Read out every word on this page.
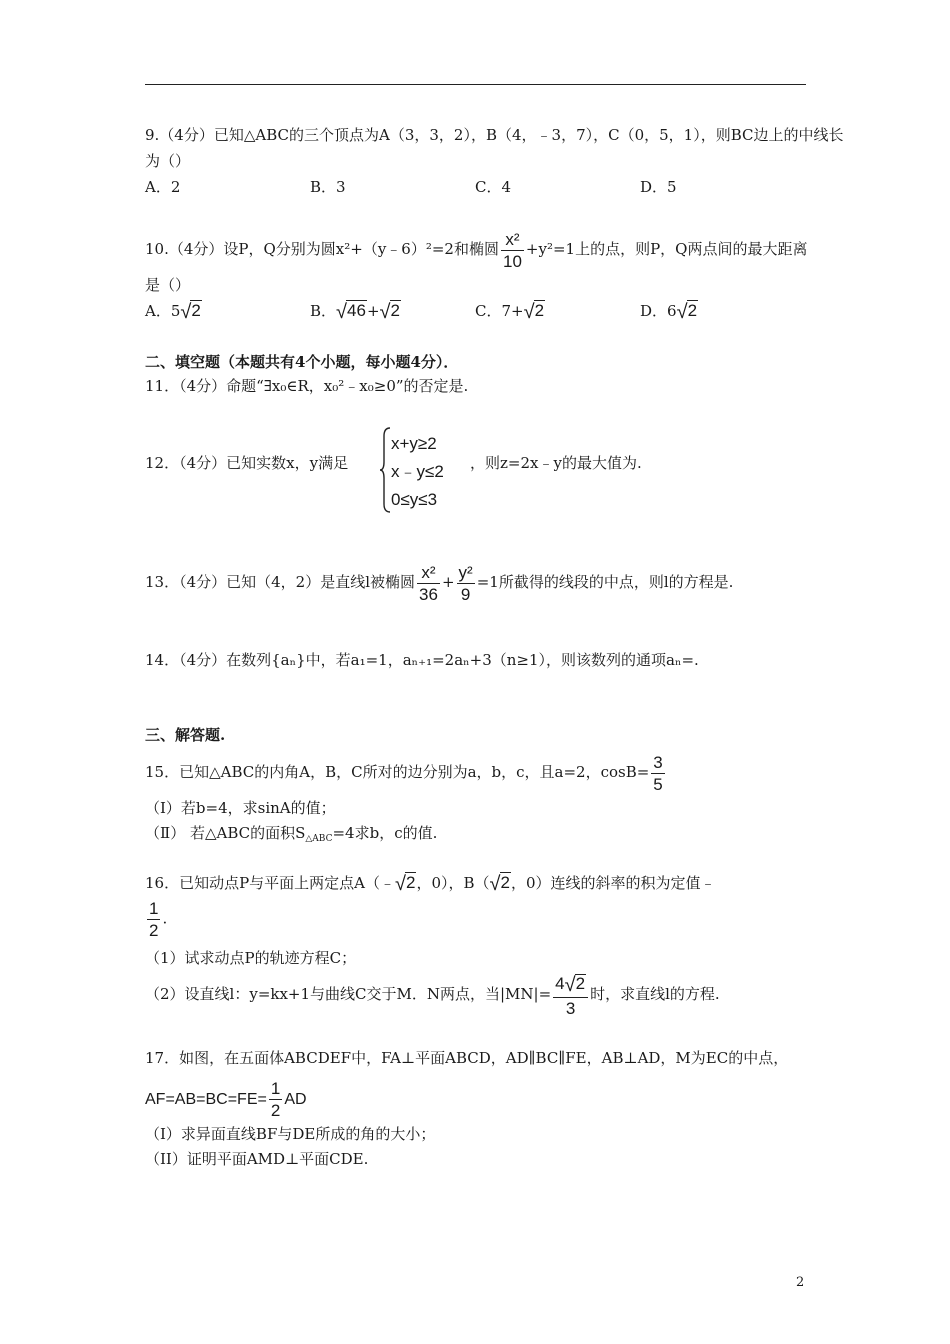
9.（4分）已知△ABC的三个顶点为A（3，3，2），B（4，﹣3，7），C（0，5，1），则BC边上的中线长
为（）
A．2	B．3	C．4	D．5
10.（4分）设P，Q分别为圆x²+（y﹣6）²=2和椭圆 $\frac{\text{x²}}{10} +y^2=1$上的点，则P，Q两点间的最大距离
是（）
A．5√2	B．√46+√2	C．7+√2	D．6√2
二、填空题（本题共有4个小题，每小题4分）．
11．（4分）命题“∃x₀∈R，x₀²﹣x₀≥0”的否定是.
12．（4分）已知实数x，y满足
x+y≥2
x﹣y≤2
0≤y≤3
，则z=2x﹣y的最大值为.
13．（4分）已知（4，2）是直线l被椭圆 $\frac{\text{x²}}{36} + \frac{\text{y²}}{9} =1$所截得的线段的中点，则l的方程是.
14．（4分）在数列{aₙ}中，若a₁=1，aₙ₊₁=2aₙ+3（n≥1），则该数列的通项aₙ=.
三、解答题.
15．已知△ABC的内角A，B，C所对的边分别为a，b，c，且a=2，$\cos B= \frac{3}{5}$
（Ⅰ）若b=4，求sinA的值；
（Ⅱ） 若△ABC的面积$S_{\triangle ABC}=4$求b，c的值.
16．已知动点P与平面上两定点A（﹣√2，0），B（√2，0）连线的斜率的积为定值﹣
$\frac{1}{2}$ .
（1）试求动点P的轨迹方程C；
（2）设直线l：y=kx+1与曲线C交于M．N两点，当$|MN|= \frac{4√2}{3}$ 时，求直线l的方程.
17．如图，在五面体ABCDEF中，FA⊥平面ABCD，AD∥BC∥FE，AB⊥AD，M为EC的中点，
$AF=AB=BC=FE= \frac{1}{2}$ AD
（I）求异面直线BF与DE所成的角的大小；
（II）证明平面AMD⊥平面CDE.
2
